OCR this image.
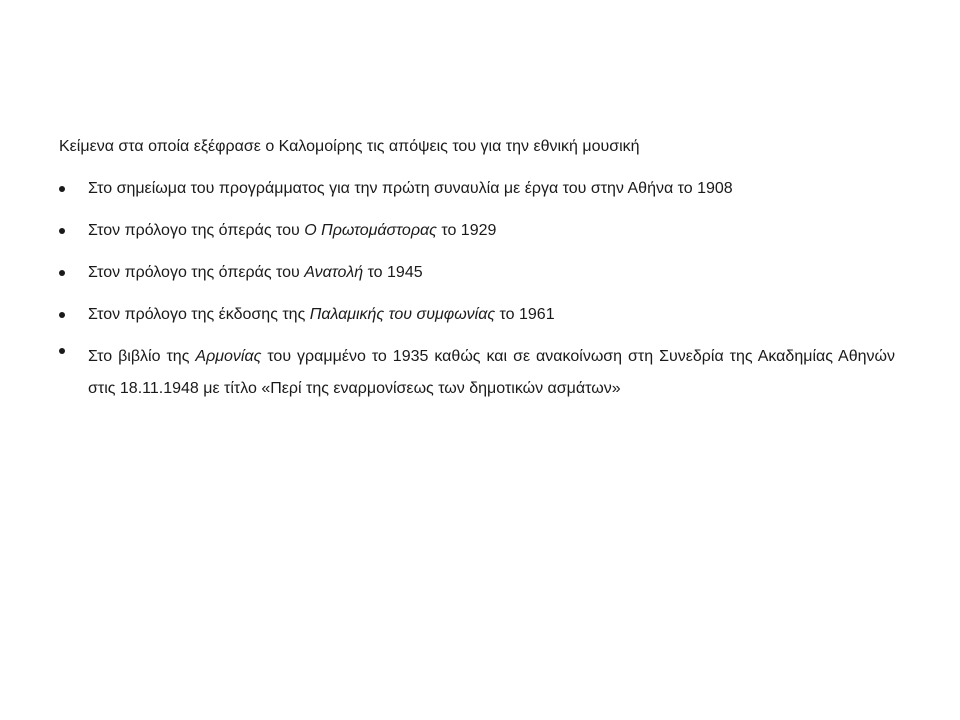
Κείμενα στα οποία εξέφρασε ο Καλομοίρης τις απόψεις του για την εθνική μουσική
Στο σημείωμα του προγράμματος για την πρώτη συναυλία με έργα του στην Αθήνα το 1908
Στον πρόλογο της όπεράς του Ο Πρωτομάστορας το 1929
Στον πρόλογο της όπεράς του Ανατολή το 1945
Στον πρόλογο της έκδοσης της Παλαμικής του συμφωνίας το 1961
Στο βιβλίο της Αρμονίας του γραμμένο το 1935 καθώς και σε ανακοίνωση στη Συνεδρία της Ακαδημίας Αθηνών στις 18.11.1948 με τίτλο «Περί της εναρμονίσεως των δημοτικών ασμάτων»
